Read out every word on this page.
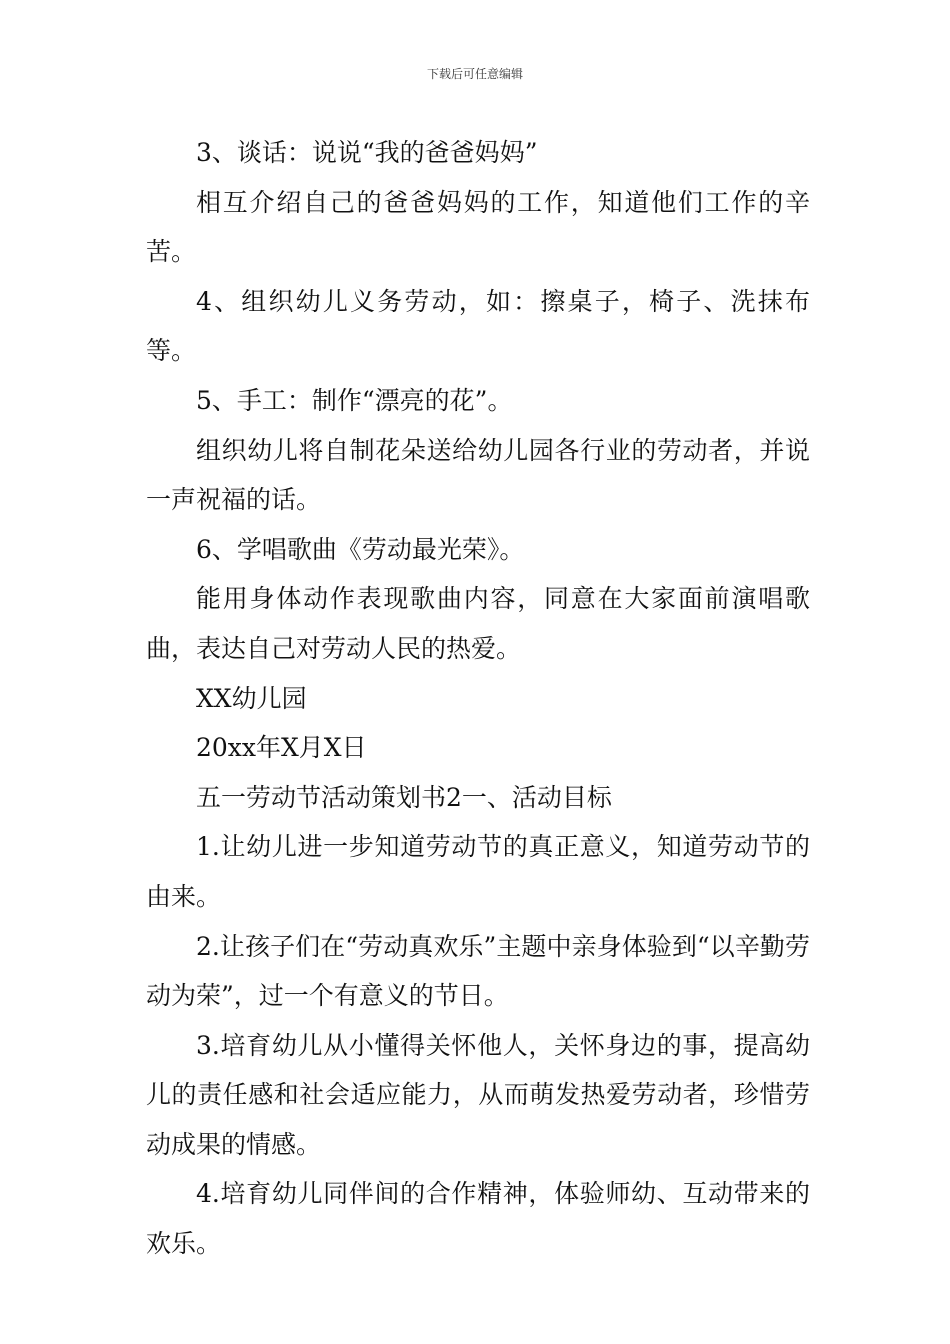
下载后可任意编辑

3、谈话：说说“我的爸爸妈妈”

相互介绍自己的爸爸妈妈的工作，知道他们工作的辛苦。

4、组织幼儿义务劳动，如：擦桌子，椅子、洗抹布等。

5、手工：制作“漂亮的花”。

组织幼儿将自制花朵送给幼儿园各行业的劳动者，并说一声祝福的话。

6、学唱歌曲《劳动最光荣》。

能用身体动作表现歌曲内容，同意在大家面前演唱歌曲，表达自己对劳动人民的热爱。

XX幼儿园

20xx年X月X日

五一劳动节活动策划书2一、活动目标

1.让幼儿进一步知道劳动节的真正意义，知道劳动节的由来。

2.让孩子们在“劳动真欢乐”主题中亲身体验到“以辛勤劳动为荣”，过一个有意义的节日。

3.培育幼儿从小懂得关怀他人，关怀身边的事，提高幼儿的责任感和社会适应能力，从而萌发热爱劳动者，珍惜劳动成果的情感。

4.培育幼儿同伴间的合作精神，体验师幼、互动带来的欢乐。
